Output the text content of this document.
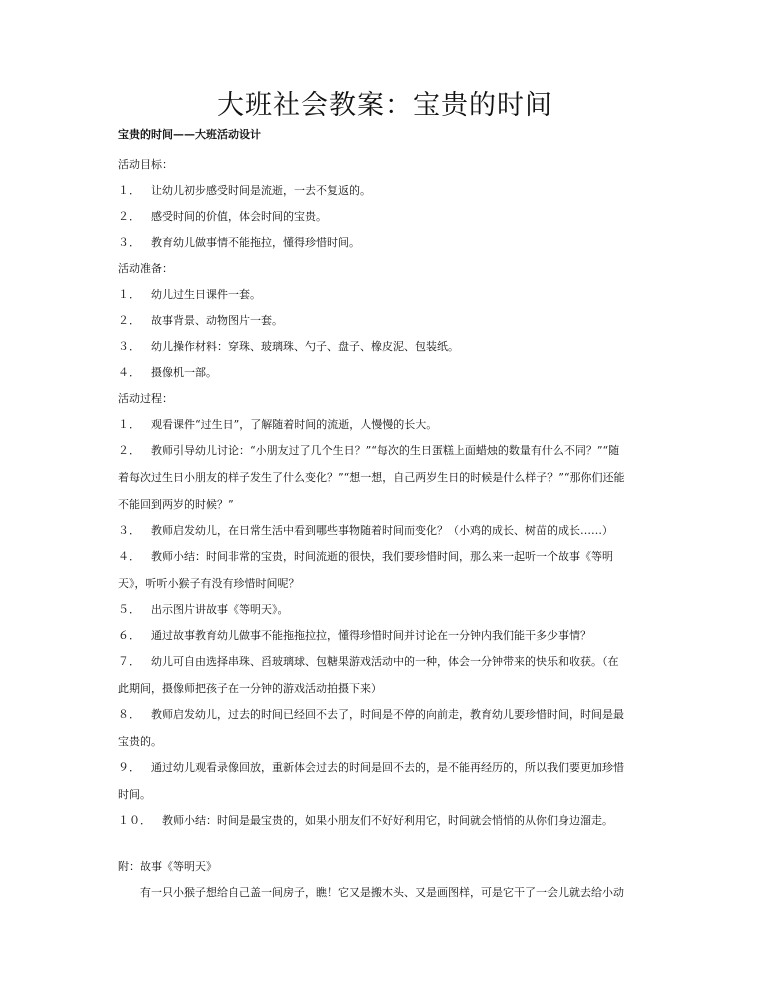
大班社会教案：宝贵的时间

宝贵的时间——大班活动设计

活动目标：

１．	让幼儿初步感受时间是流逝，一去不复返的。
２．	感受时间的价值，体会时间的宝贵。
３．	教育幼儿做事情不能拖拉，懂得珍惜时间。

活动准备：

１．	幼儿过生日课件一套。
２．	故事背景、动物图片一套。
３．	幼儿操作材料：穿珠、玻璃珠、勺子、盘子、橡皮泥、包装纸。
４．	摄像机一部。

活动过程：

１．	观看课件“过生日”，了解随着时间的流逝，人慢慢的长大。
２．	教师引导幼儿讨论：“小朋友过了几个生日？”“每次的生日蛋糕上面蜡烛的数量有什么不同？”“随

着每次过生日小朋友的样子发生了什么变化？”“想一想，自己两岁生日的时候是什么样子？”“那你们还能
不能回到两岁的时候？”

３．	教师启发幼儿，在日常生活中看到哪些事物随着时间而变化？（小鸡的成长、树苗的成长……）
４．	教师小结：时间非常的宝贵，时间流逝的很快，我们要珍惜时间，那么来一起听一个故事《等明

天》，听听小猴子有没有珍惜时间呢？

５．	出示图片讲故事《等明天》。
６．	通过故事教育幼儿做事不能拖拖拉拉，懂得珍惜时间并讨论在一分钟内我们能干多少事情？
７．	幼儿可自由选择串珠、舀玻璃球、包糖果游戏活动中的一种，体会一分钟带来的快乐和收获。（在

此期间，摄像师把孩子在一分钟的游戏活动拍摄下来）

８．	教师启发幼儿，过去的时间已经回不去了，时间是不停的向前走，教育幼儿要珍惜时间，时间是最

宝贵的。

９．	通过幼儿观看录像回放，重新体会过去的时间是回不去的，是不能再经历的，所以我们要更加珍惜

时间。

１０．	教师小结：时间是最宝贵的，如果小朋友们不好好利用它，时间就会悄悄的从你们身边溜走。

附：故事《等明天》

有一只小猴子想给自己盖一间房子，瞧！它又是搬木头、又是画图样，可是它干了一会儿就去给小动
